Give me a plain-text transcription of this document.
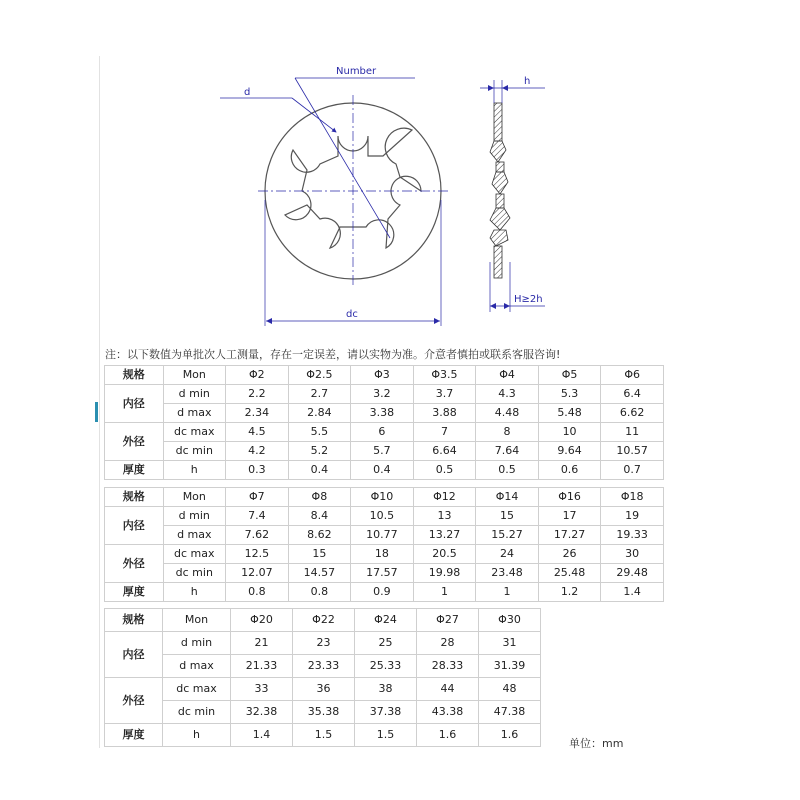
Number
d
dc
h
H≥2h
注：以下数值为单批次人工测量，存在一定误差，请以实物为准。介意者慎拍或联系客服咨询!
规格	Mon	Φ2	Φ2.5	Φ3	Φ3.5	Φ4	Φ5	Φ6
内径	d min	2.2	2.7	3.2	3.7	4.3	5.3	6.4
	d max	2.34	2.84	3.38	3.88	4.48	5.48	6.62
外径	dc max	4.5	5.5	6	7	8	10	11
	dc min	4.2	5.2	5.7	6.64	7.64	9.64	10.57
厚度	h	0.3	0.4	0.4	0.5	0.5	0.6	0.7
规格	Mon	Φ7	Φ8	Φ10	Φ12	Φ14	Φ16	Φ18
内径	d min	7.4	8.4	10.5	13	15	17	19
	d max	7.62	8.62	10.77	13.27	15.27	17.27	19.33
外径	dc max	12.5	15	18	20.5	24	26	30
	dc min	12.07	14.57	17.57	19.98	23.48	25.48	29.48
厚度	h	0.8	0.8	0.9	1	1	1.2	1.4
规格	Mon	Φ20	Φ22	Φ24	Φ27	Φ30
内径	d min	21	23	25	28	31
	d max	21.33	23.33	25.33	28.33	31.39
外径	dc max	33	36	38	44	48
	dc min	32.38	35.38	37.38	43.38	47.38
厚度	h	1.4	1.5	1.5	1.6	1.6
单位：mm
